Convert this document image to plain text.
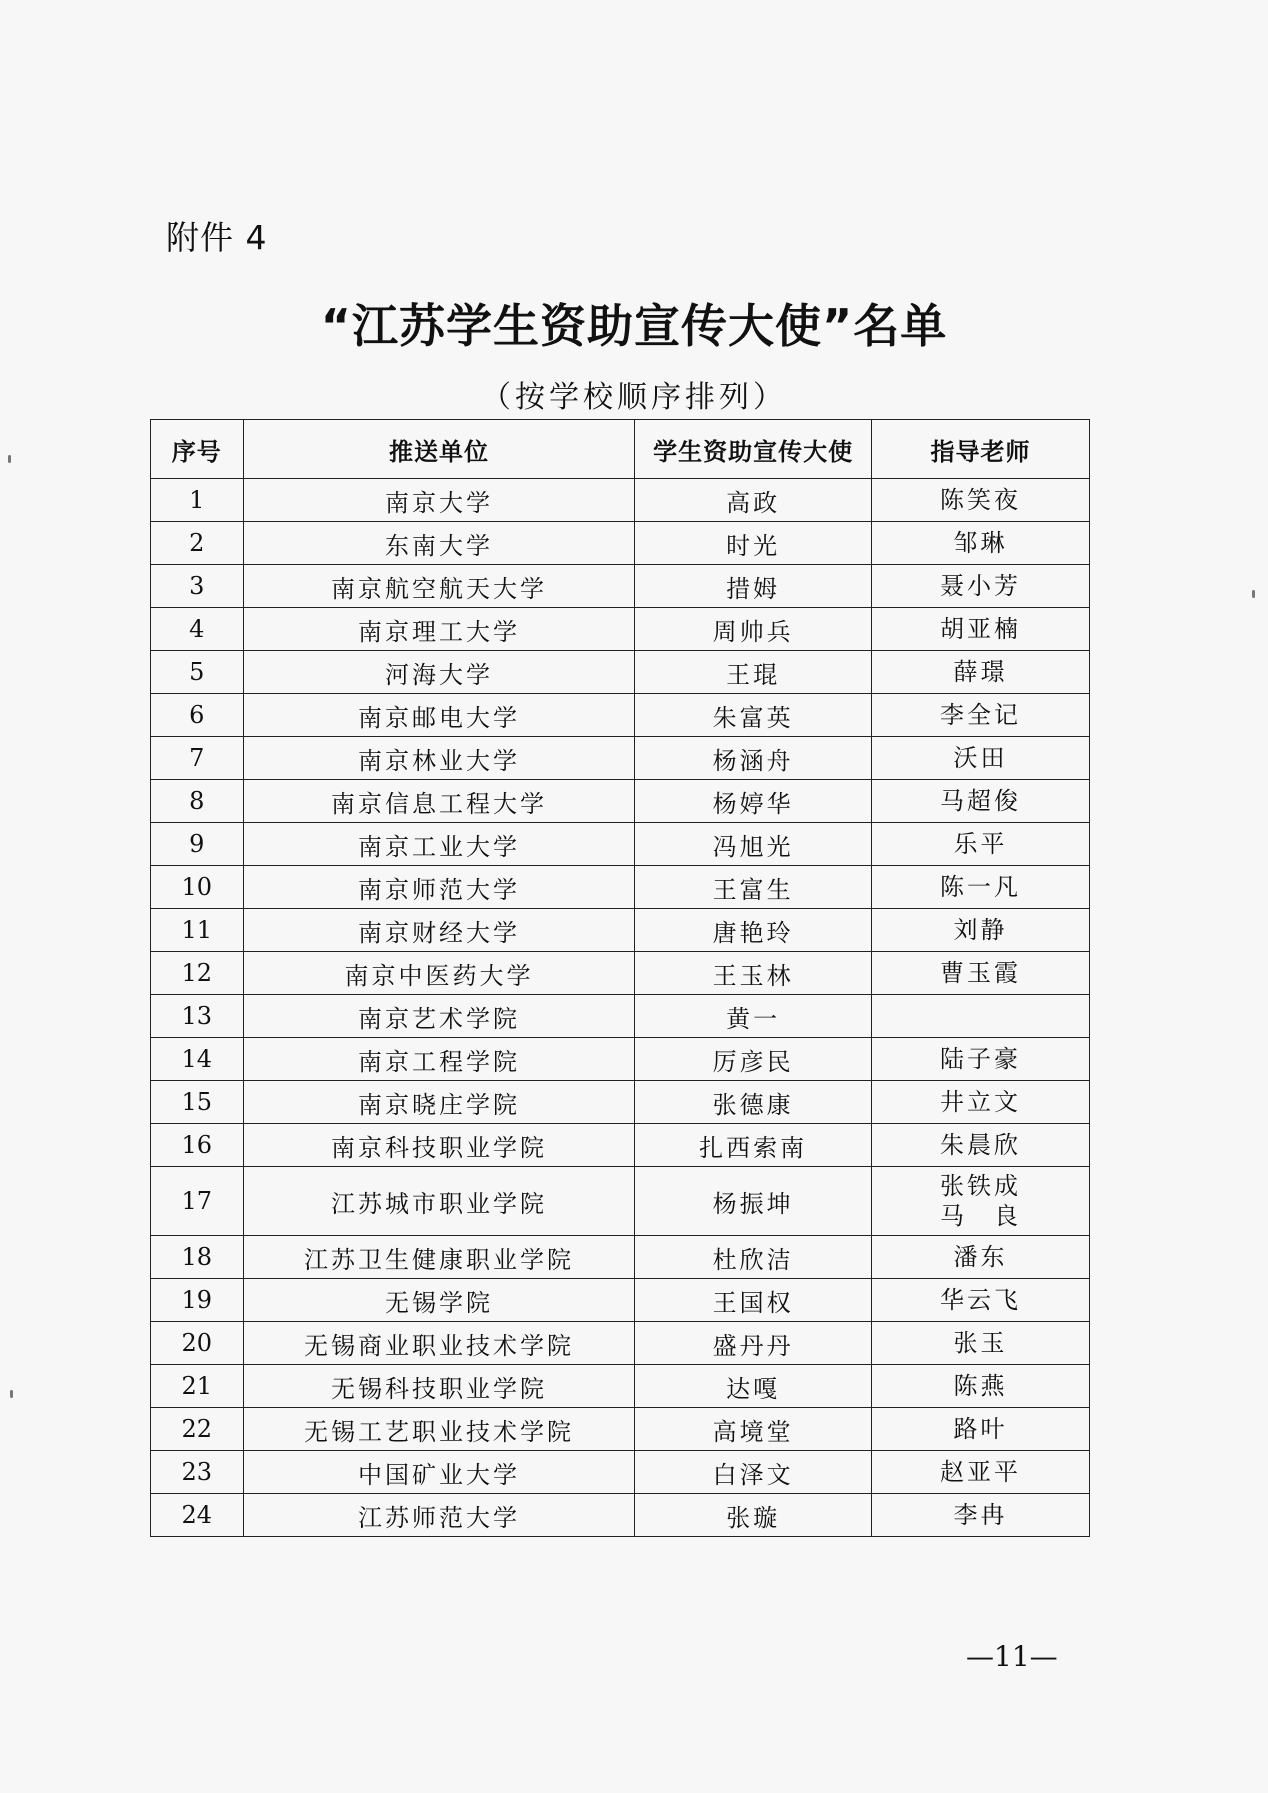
附件 4
“江苏学生资助宣传大使”名单
（按学校顺序排列）
序号	推送单位	学生资助宣传大使	指导老师
1	南京大学	高政	陈笑夜

2	东南大学	时光	邹琳

3	南京航空航天大学	措姆	聂小芳

4	南京理工大学	周帅兵	胡亚楠

5	河海大学	王琨	薛璟

6	南京邮电大学	朱富英	李全记

7	南京林业大学	杨涵舟	沃田

8	南京信息工程大学	杨婷华	马超俊

9	南京工业大学	冯旭光	乐平

10	南京师范大学	王富生	陈一凡

11	南京财经大学	唐艳玲	刘静

12	南京中医药大学	王玉林	曹玉霞

13	南京艺术学院	黄一	
14	南京工程学院	厉彦民	陆子豪

15	南京晓庄学院	张德康	井立文

16	南京科技职业学院	扎西索南	朱晨欣

17	江苏城市职业学院	杨振坤	张铁成
马　良

18	江苏卫生健康职业学院	杜欣洁	潘东

19	无锡学院	王国权	华云飞

20	无锡商业职业技术学院	盛丹丹	张玉

21	无锡科技职业学院	达嘎	陈燕

22	无锡工艺职业技术学院	高境堂	路叶

23	中国矿业大学	白泽文	赵亚平

24	江苏师范大学	张璇	李冉
—11—
